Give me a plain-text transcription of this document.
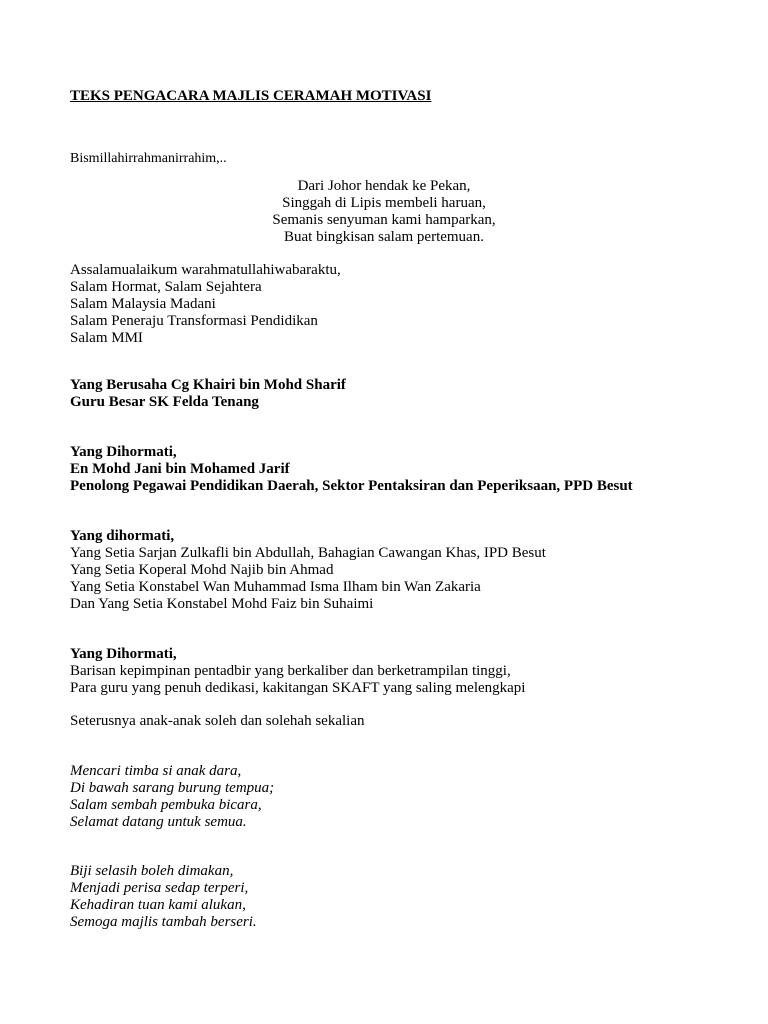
TEKS PENGACARA MAJLIS CERAMAH MOTIVASI
Bismillahirrahmanirrahim,..
Dari Johor hendak ke Pekan,
Singgah di Lipis membeli haruan,
Semanis senyuman kami hamparkan,
Buat bingkisan salam pertemuan.
Assalamualaikum warahmatullahiwabaraktu,
Salam Hormat, Salam Sejahtera
Salam Malaysia Madani
Salam Peneraju Transformasi Pendidikan
Salam MMI
Yang Berusaha Cg Khairi bin Mohd Sharif
Guru Besar SK Felda Tenang
Yang Dihormati,
En Mohd Jani bin Mohamed Jarif
Penolong Pegawai Pendidikan Daerah, Sektor Pentaksiran dan Peperiksaan, PPD Besut
Yang dihormati,
Yang Setia Sarjan Zulkafli bin Abdullah, Bahagian Cawangan Khas, IPD Besut
Yang Setia Koperal Mohd Najib bin Ahmad
Yang Setia Konstabel Wan Muhammad Isma Ilham bin Wan Zakaria
Dan Yang Setia Konstabel Mohd Faiz bin Suhaimi
Yang Dihormati,
Barisan kepimpinan pentadbir yang berkaliber dan berketrampilan tinggi,
Para guru yang penuh dedikasi, kakitangan SKAFT yang saling melengkapi
Seterusnya anak-anak soleh dan solehah sekalian
Mencari timba si anak dara,
Di bawah sarang burung tempua;
Salam sembah pembuka bicara,
Selamat datang untuk semua.
Biji selasih boleh dimakan,
Menjadi perisa sedap terperi,
Kehadiran tuan kami alukan,
Semoga majlis tambah berseri.
